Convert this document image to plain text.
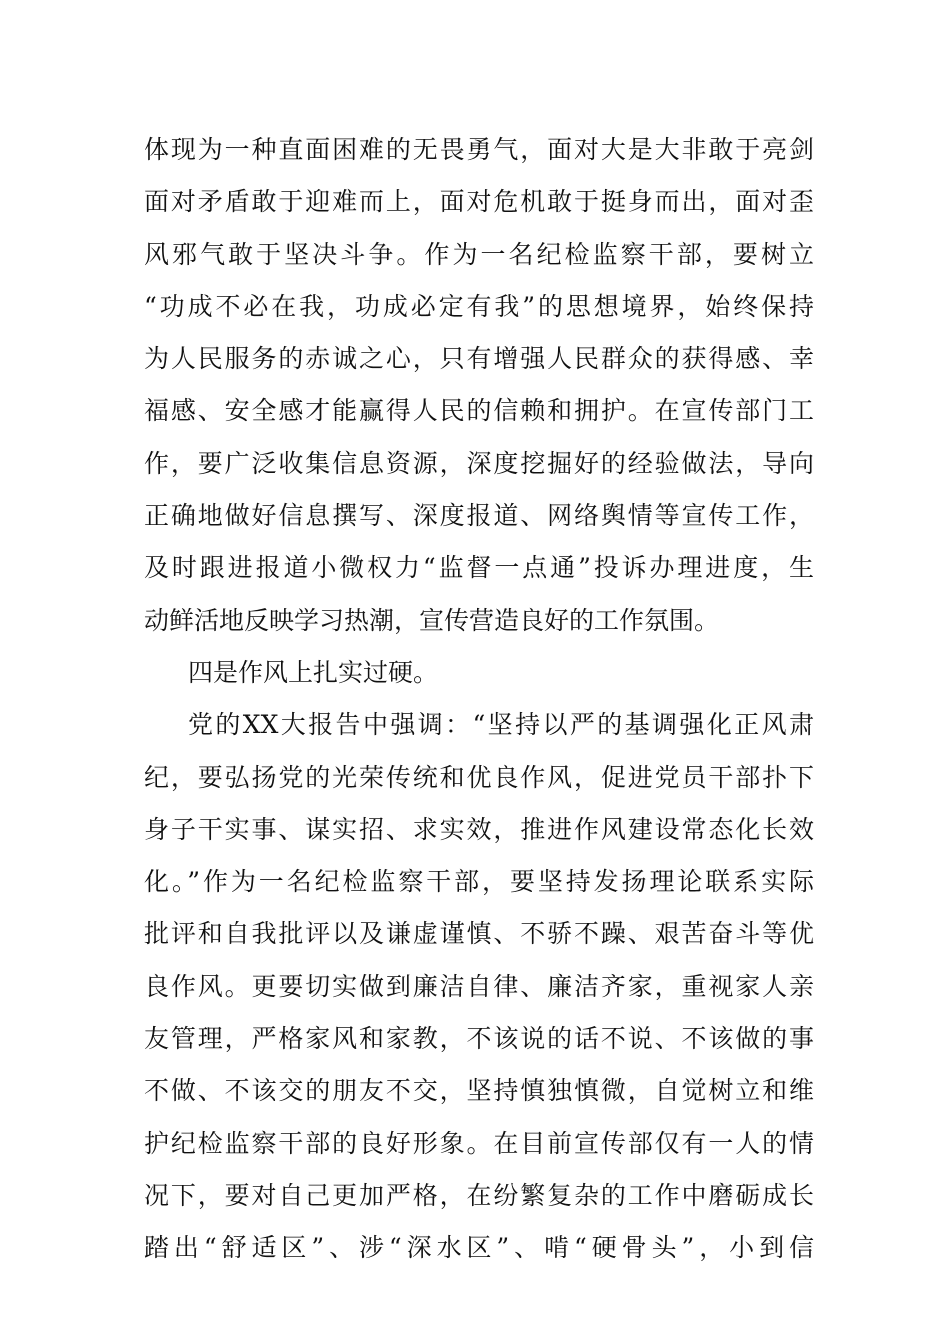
体现为一种直面困难的无畏勇气，面对大是大非敢于亮剑
面对矛盾敢于迎难而上，面对危机敢于挺身而出，面对歪
风邪气敢于坚决斗争。作为一名纪检监察干部，要树立
“功成不必在我，功成必定有我”的思想境界，始终保持
为人民服务的赤诚之心，只有增强人民群众的获得感、幸
福感、安全感才能赢得人民的信赖和拥护。在宣传部门工
作，要广泛收集信息资源，深度挖掘好的经验做法，导向
正确地做好信息撰写、深度报道、网络舆情等宣传工作，
及时跟进报道小微权力“监督一点通”投诉办理进度，生
动鲜活地反映学习热潮，宣传营造良好的工作氛围。
四是作风上扎实过硬。
党的XX大报告中强调：“坚持以严的基调强化正风肃
纪，要弘扬党的光荣传统和优良作风，促进党员干部扑下
身子干实事、谋实招、求实效，推进作风建设常态化长效
化。”作为一名纪检监察干部，要坚持发扬理论联系实际
批评和自我批评以及谦虚谨慎、不骄不躁、艰苦奋斗等优
良作风。更要切实做到廉洁自律、廉洁齐家，重视家人亲
友管理，严格家风和家教，不该说的话不说、不该做的事
不做、不该交的朋友不交，坚持慎独慎微，自觉树立和维
护纪检监察干部的良好形象。在目前宣传部仅有一人的情
况下，要对自己更加严格，在纷繁复杂的工作中磨砺成长
踏出“舒适区”、涉“深水区”、啃“硬骨头”，小到信
